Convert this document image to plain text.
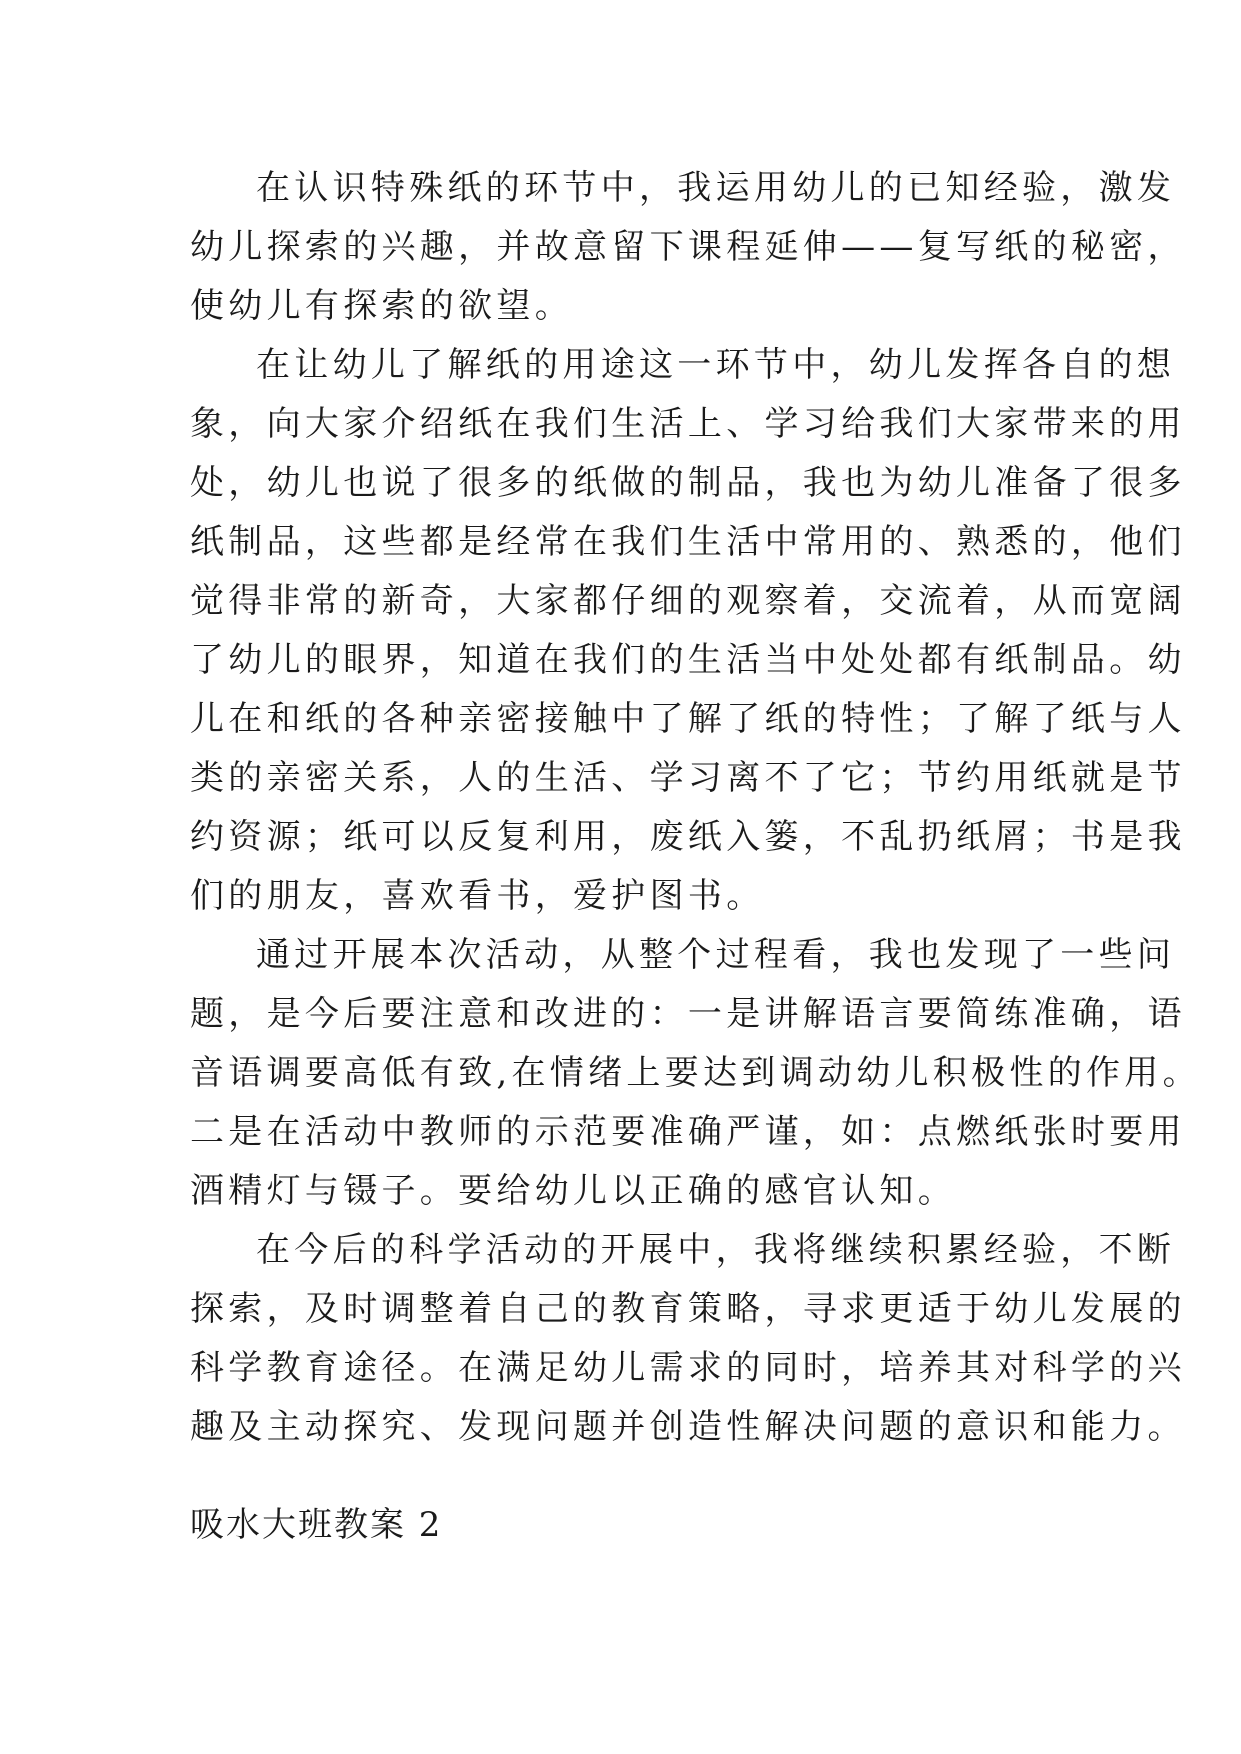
在认识特殊纸的环节中，我运用幼儿的已知经验，激发
幼儿探索的兴趣，并故意留下课程延伸——复写纸的秘密，
使幼儿有探索的欲望。
在让幼儿了解纸的用途这一环节中，幼儿发挥各自的想
象，向大家介绍纸在我们生活上、学习给我们大家带来的用
处，幼儿也说了很多的纸做的制品，我也为幼儿准备了很多
纸制品，这些都是经常在我们生活中常用的、熟悉的，他们
觉得非常的新奇，大家都仔细的观察着，交流着，从而宽阔
了幼儿的眼界，知道在我们的生活当中处处都有纸制品。幼
儿在和纸的各种亲密接触中了解了纸的特性；了解了纸与人
类的亲密关系，人的生活、学习离不了它；节约用纸就是节
约资源；纸可以反复利用，废纸入篓，不乱扔纸屑；书是我
们的朋友，喜欢看书，爱护图书。
通过开展本次活动，从整个过程看，我也发现了一些问
题，是今后要注意和改进的：一是讲解语言要简练准确，语
音语调要高低有致,在情绪上要达到调动幼儿积极性的作用。
二是在活动中教师的示范要准确严谨，如：点燃纸张时要用
酒精灯与镊子。要给幼儿以正确的感官认知。
在今后的科学活动的开展中，我将继续积累经验，不断
探索，及时调整着自己的教育策略，寻求更适于幼儿发展的
科学教育途径。在满足幼儿需求的同时，培养其对科学的兴
趣及主动探究、发现问题并创造性解决问题的意识和能力。
吸水大班教案 2
